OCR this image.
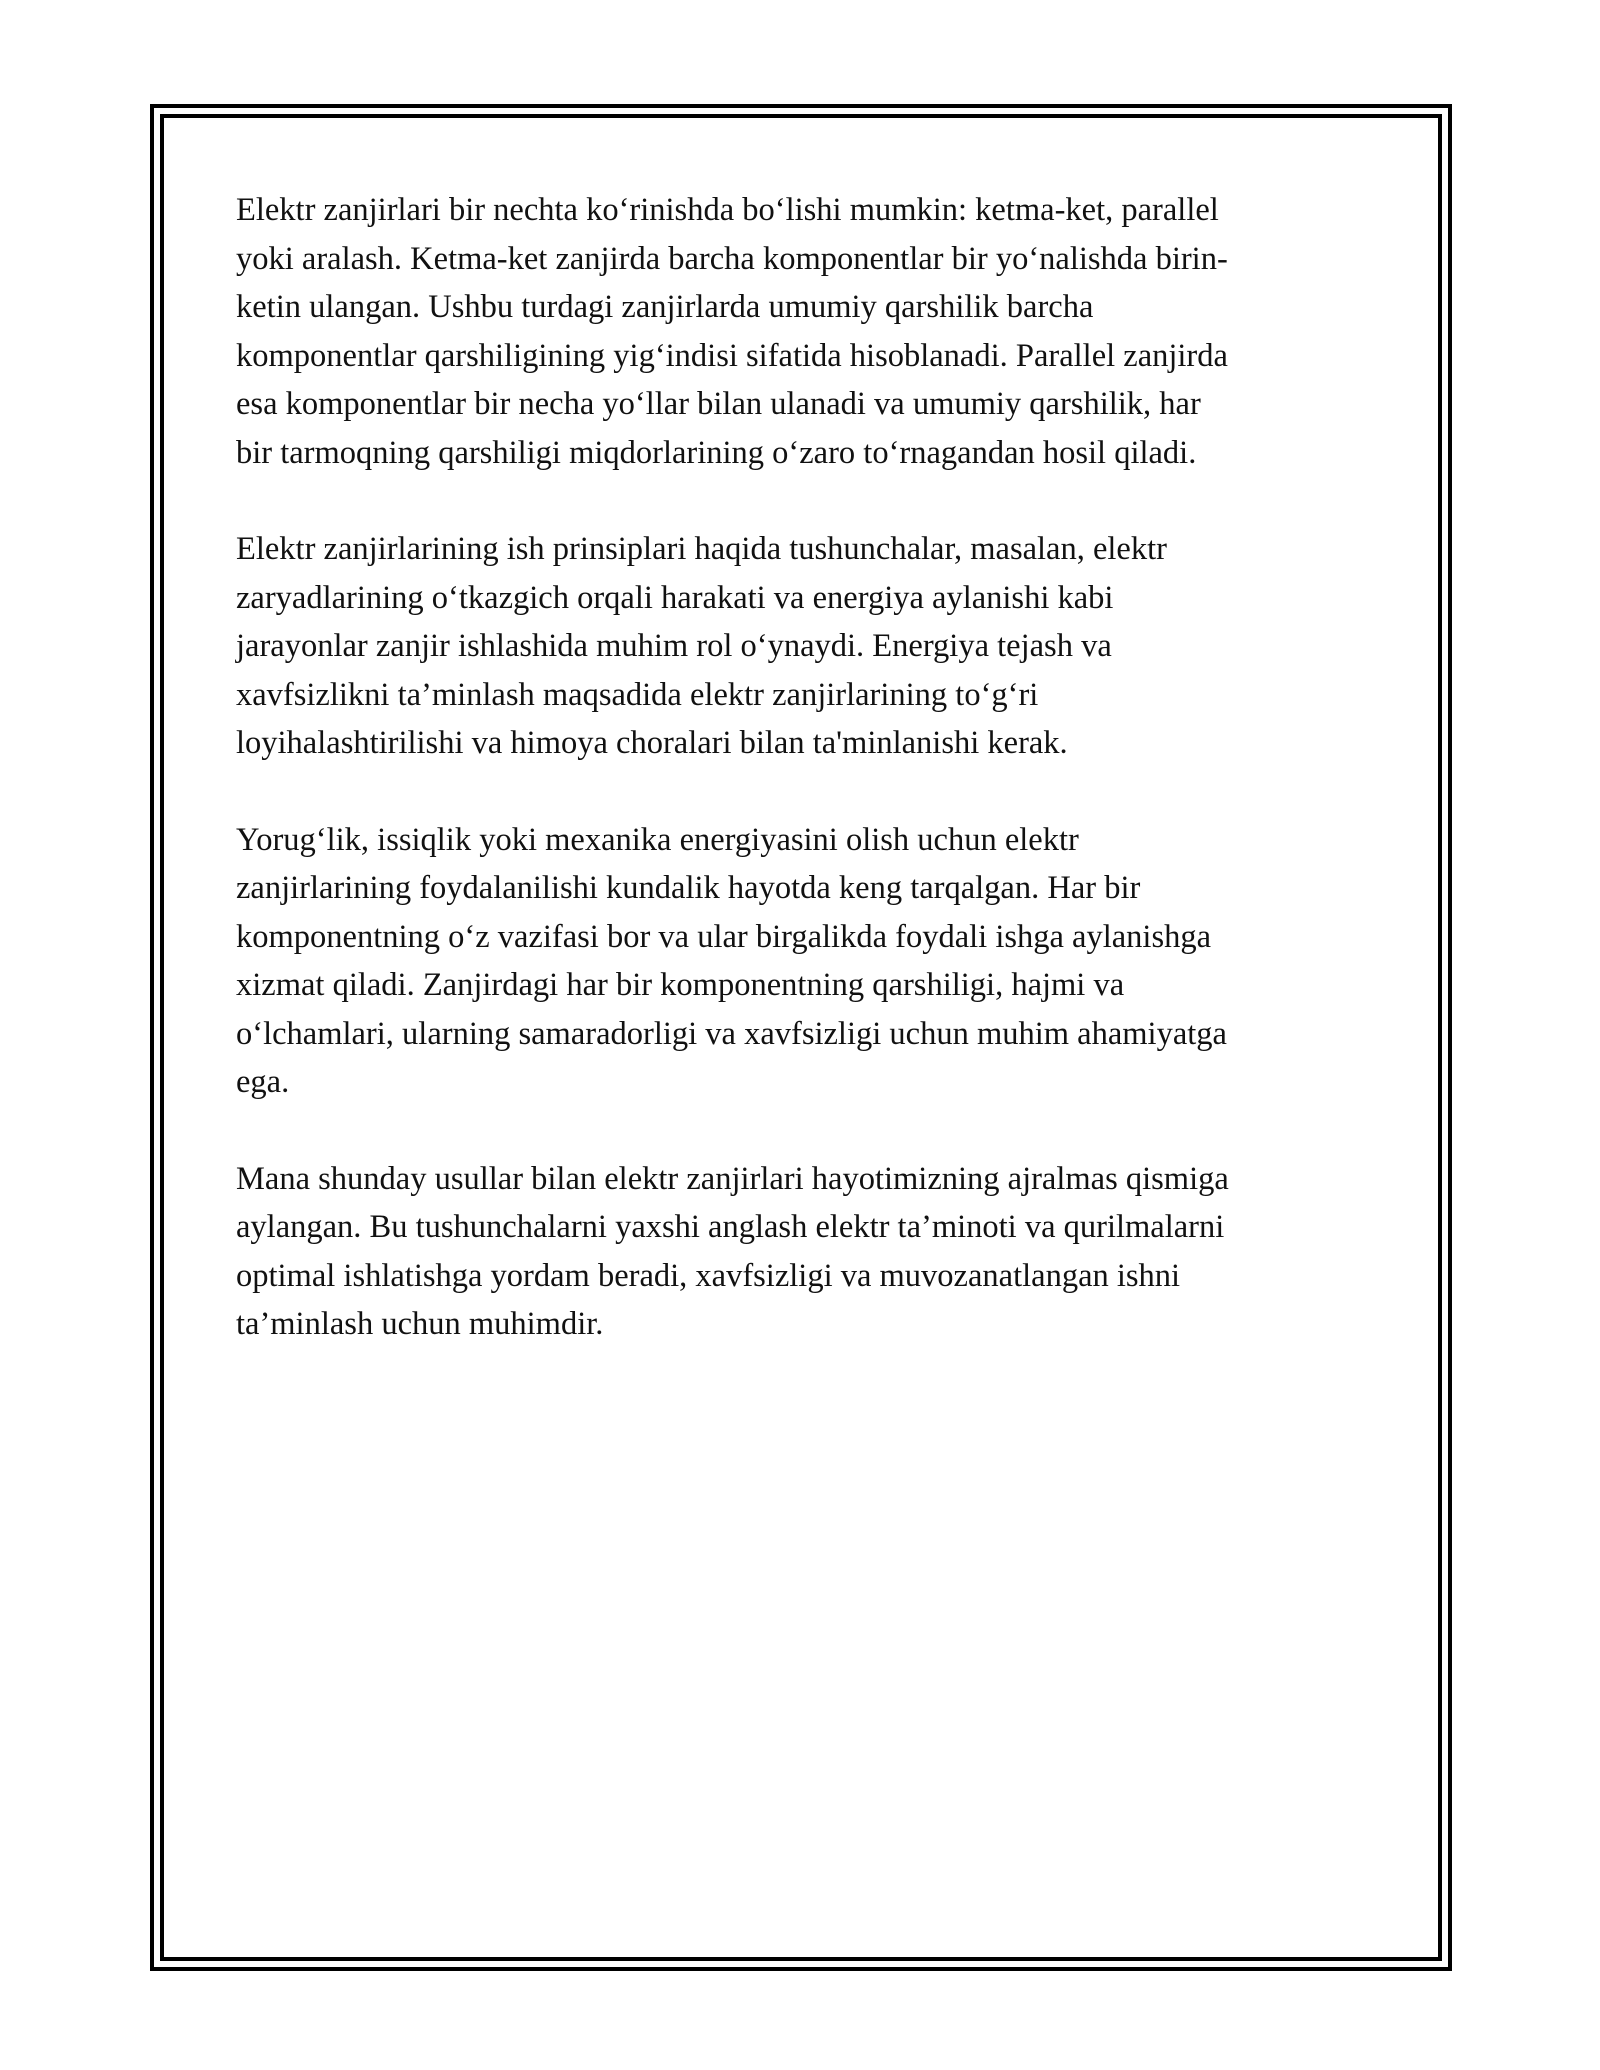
Elektr zanjirlari bir nechta ko‘rinishda bo‘lishi mumkin: ketma-ket, parallel
yoki aralash. Ketma-ket zanjirda barcha komponentlar bir yo‘nalishda birin-
ketin ulangan. Ushbu turdagi zanjirlarda umumiy qarshilik barcha
komponentlar qarshiligining yig‘indisi sifatida hisoblanadi. Parallel zanjirda
esa komponentlar bir necha yo‘llar bilan ulanadi va umumiy qarshilik, har
bir tarmoqning qarshiligi miqdorlarining o‘zaro to‘rnagandan hosil qiladi.

Elektr zanjirlarining ish prinsiplari haqida tushunchalar, masalan, elektr
zaryadlarining o‘tkazgich orqali harakati va energiya aylanishi kabi
jarayonlar zanjir ishlashida muhim rol o‘ynaydi. Energiya tejash va
xavfsizlikni ta’minlash maqsadida elektr zanjirlarining to‘g‘ri
loyihalashtirilishi va himoya choralari bilan ta'minlanishi kerak.

Yorug‘lik, issiqlik yoki mexanika energiyasini olish uchun elektr
zanjirlarining foydalanilishi kundalik hayotda keng tarqalgan. Har bir
komponentning o‘z vazifasi bor va ular birgalikda foydali ishga aylanishga
xizmat qiladi. Zanjirdagi har bir komponentning qarshiligi, hajmi va
o‘lchamlari, ularning samaradorligi va xavfsizligi uchun muhim ahamiyatga
ega.

Mana shunday usullar bilan elektr zanjirlari hayotimizning ajralmas qismiga
aylangan. Bu tushunchalarni yaxshi anglash elektr ta’minoti va qurilmalarni
optimal ishlatishga yordam beradi, xavfsizligi va muvozanatlangan ishni
ta’minlash uchun muhimdir.
